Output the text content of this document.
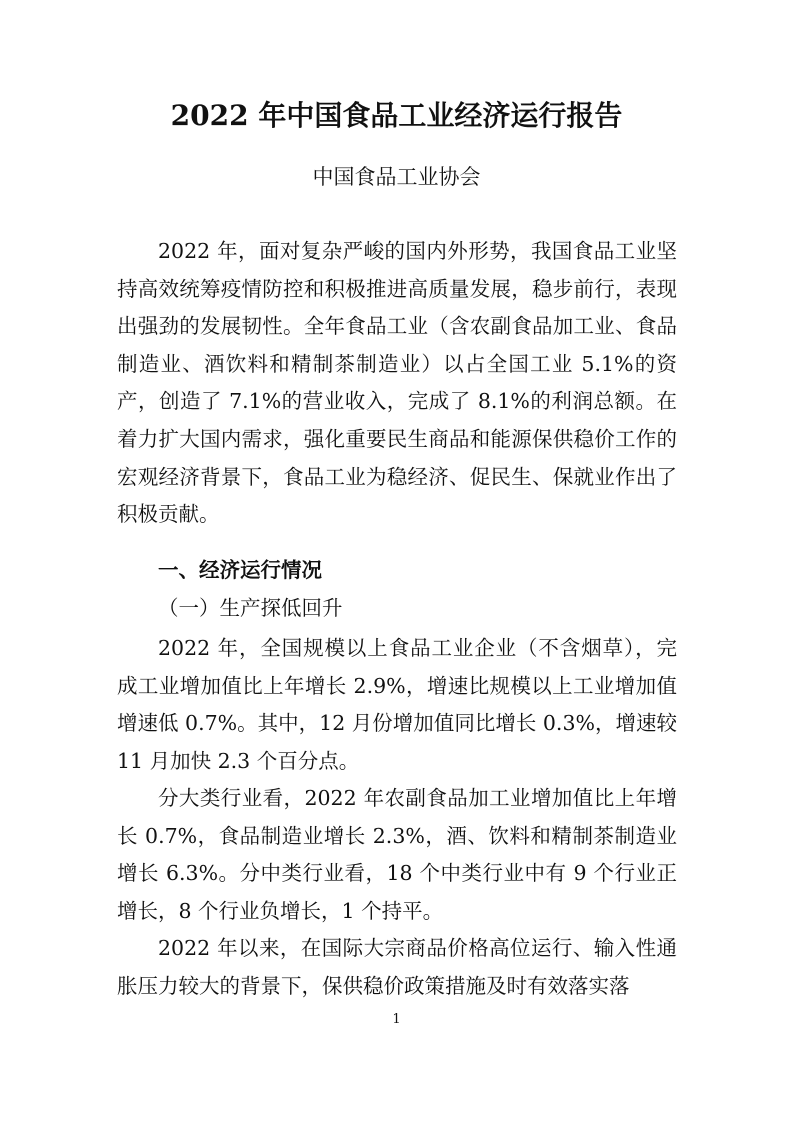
2022 年中国食品工业经济运行报告
中国食品工业协会

2022 年，面对复杂严峻的国内外形势，我国食品工业坚持高效统筹疫情防控和积极推进高质量发展，稳步前行，表现出强劲的发展韧性。全年食品工业（含农副食品加工业、食品制造业、酒饮料和精制茶制造业）以占全国工业 5.1%的资产，创造了 7.1%的营业收入，完成了 8.1%的利润总额。在着力扩大国内需求，强化重要民生商品和能源保供稳价工作的宏观经济背景下，食品工业为稳经济、促民生、保就业作出了积极贡献。

一、经济运行情况

（一）生产探低回升

2022 年，全国规模以上食品工业企业（不含烟草），完成工业增加值比上年增长 2.9%，增速比规模以上工业增加值增速低 0.7%。其中，12 月份增加值同比增长 0.3%，增速较 11 月加快 2.3 个百分点。

分大类行业看，2022 年农副食品加工业增加值比上年增长 0.7%，食品制造业增长 2.3%，酒、饮料和精制茶制造业增长 6.3%。分中类行业看，18 个中类行业中有 9 个行业正增长，8 个行业负增长，1 个持平。

2022 年以来，在国际大宗商品价格高位运行、输入性通胀压力较大的背景下，保供稳价政策措施及时有效落实落

1
